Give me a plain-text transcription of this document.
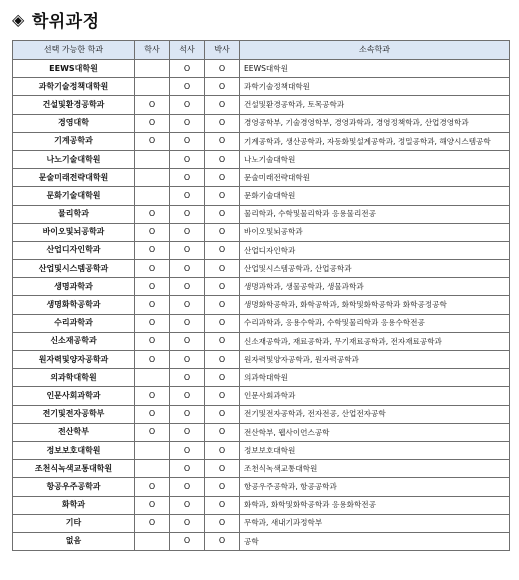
◈ 학위과정
선택 가능한 학과	학사	석사	박사	소속학과
EEWS대학원		O	O	EEWS대학원
과학기술정책대학원		O	O	과학기술정책대학원
건설및환경공학과	O	O	O	건설및환경공학과, 토목공학과
경영대학	O	O	O	경영공학부, 기술경영학부, 경영과학과, 경영정책학과, 산업경영학과
기계공학과	O	O	O	기계공학과, 생산공학과, 자동화및설계공학과, 정밀공학과, 해양시스템공학
나노기술대학원		O	O	나노기술대학원
문술미래전략대학원		O	O	문술미래전략대학원
문화기술대학원		O	O	문화기술대학원
물리학과	O	O	O	물리학과, 수학및물리학과 응용물리전공
바이오및뇌공학과	O	O	O	바이오및뇌공학과
산업디자인학과	O	O	O	산업디자인학과
산업및시스템공학과	O	O	O	산업및시스템공학과, 산업공학과
생명과학과	O	O	O	생명과학과, 생물공학과, 생물과학과
생명화학공학과	O	O	O	생명화학공학과, 화학공학과, 화학및화학공학과 화학공정공학
수리과학과	O	O	O	수리과학과, 응용수학과, 수학및물리학과 응용수학전공
신소재공학과	O	O	O	신소재공학과, 재료공학과, 무기재료공학과, 전자재료공학과
원자력및양자공학과	O	O	O	원자력및양자공학과, 원자력공학과
의과학대학원		O	O	의과학대학원
인문사회과학과	O	O	O	인문사회과학과
전기및전자공학부	O	O	O	전기및전자공학과, 전자전공, 산업전자공학
전산학부	O	O	O	전산학부, 웹사이언스공학
정보보호대학원		O	O	정보보호대학원
조천식녹색교통대학원		O	O	조천식녹색교통대학원
항공우주공학과	O	O	O	항공우주공학과, 항공공학과
화학과	O	O	O	화학과, 화학및화학공학과 응용화학전공
기타	O	O	O	무학과, 새내기과정학부
없음		O	O	공학
